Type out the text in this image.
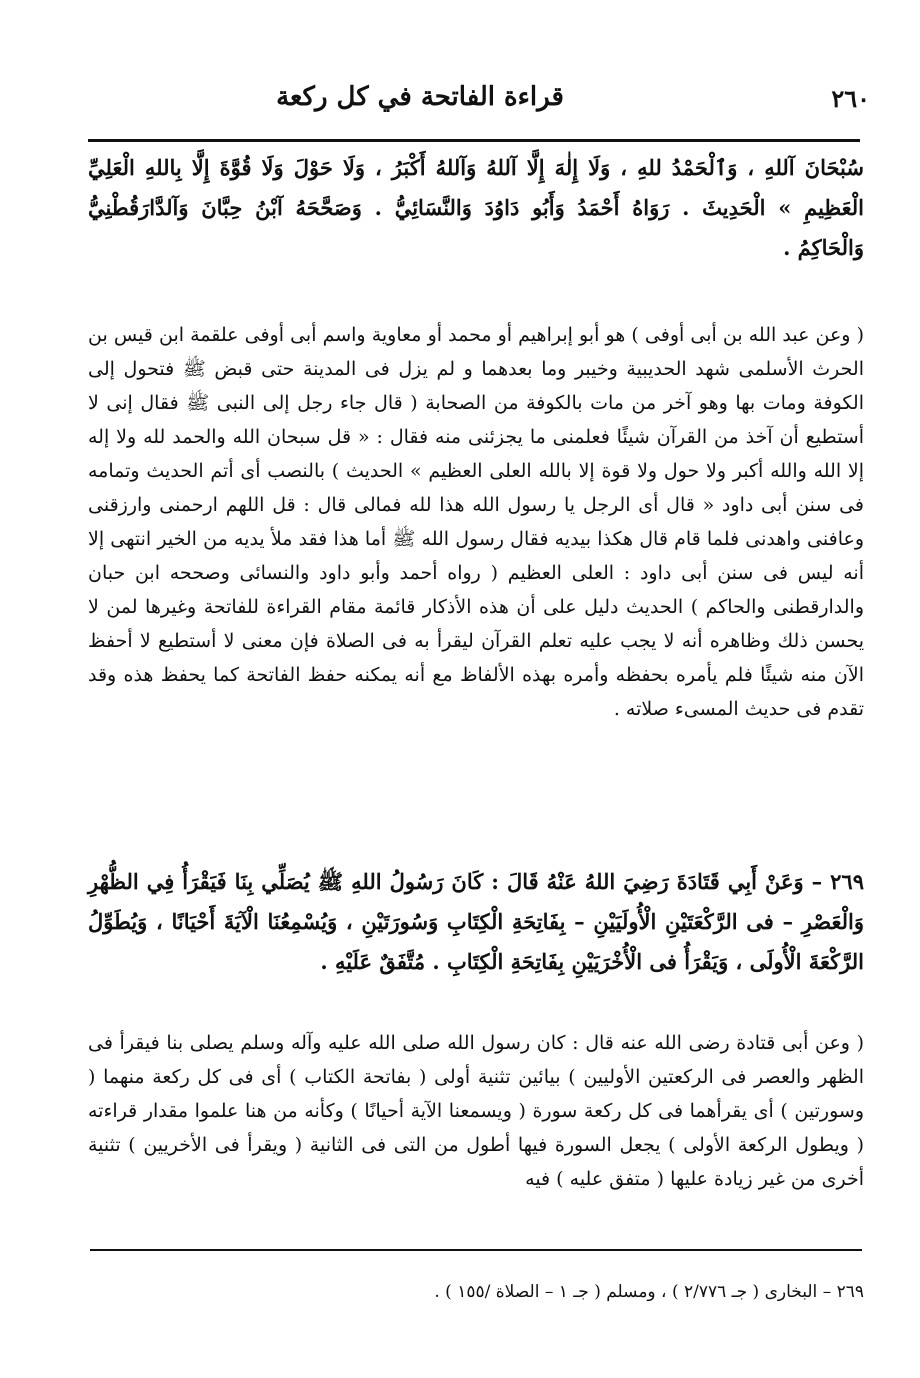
٢٦٠
قراءة الفاتحة في كل ركعة

سُبْحَانَ آللهِ ، وَٱلْحَمْدُ للهِ ، وَلَا إِلٰهَ إِلَّا آللهُ وَآللهُ أَكْبَرُ ، وَلَا حَوْلَ وَلَا قُوَّةَ إِلَّا بِاللهِ الْعَلِيِّ الْعَظِيمِ » الْحَدِيثَ . رَوَاهُ أَحْمَدُ وَأَبُو دَاوُدَ وَالنَّسَائِيُّ . وَصَحَّحَهُ آبْنُ حِبَّانَ وَآلدَّارَقُطْنِيُّ وَالْحَاكِمُ .

( وعن عبد الله بن أبى أوفى ) هو أبو إبراهيم أو محمد أو معاوية واسم أبى أوفى علقمة ابن قيس بن الحرث الأسلمى شهد الحديبية وخيبر وما بعدهما و لم يزل فى المدينة حتى قبض ﷺ فتحول إلى الكوفة ومات بها وهو آخر من مات بالكوفة من الصحابة ( قال جاء رجل إلى النبى ﷺ فقال إنى لا أستطيع أن آخذ من القرآن شيئًا فعلمنى ما يجزئنى منه فقال : « قل سبحان الله والحمد لله ولا إله إلا الله والله أكبر ولا حول ولا قوة إلا بالله العلى العظيم » الحديث ) بالنصب أى أتم الحديث وتمامه فى سنن أبى داود « قال أى الرجل يا رسول الله هذا لله فمالى قال : قل اللهم ارحمنى وارزقنى وعافنى واهدنى فلما قام قال هكذا بيديه فقال رسول الله ﷺ أما هذا فقد ملأ يديه من الخير انتهى إلا أنه ليس فى سنن أبى داود : العلى العظيم ( رواه أحمد وأبو داود والنسائى وصححه ابن حبان والدارقطنى والحاكم ) الحديث دليل على أن هذه الأذكار قائمة مقام القراءة للفاتحة وغيرها لمن لا يحسن ذلك وظاهره أنه لا يجب عليه تعلم القرآن ليقرأ به فى الصلاة فإن معنى لا أستطيع لا أحفظ الآن منه شيئًا فلم يأمره بحفظه وأمره بهذه الألفاظ مع أنه يمكنه حفظ الفاتحة كما يحفظ هذه وقد تقدم فى حديث المسىء صلاته .

٢٦٩ – وَعَنْ أَبِي قَتَادَةَ رَضِيَ اللهُ عَنْهُ قَالَ : كَانَ رَسُولُ اللهِ ﷺ يُصَلِّي بِنَا فَيَقْرَأُ فِي الظُّهْرِ وَالْعَصْرِ – فى الرَّكْعَتَيْنِ الْأُولَيَيْنِ – بِفَاتِحَةِ الْكِتَابِ وَسُورَتَيْنِ ، وَيُسْمِعُنَا الْآيَةَ أَحْيَانًا ، وَيُطَوِّلُ الرَّكْعَةَ الْأُولَى ، وَيَقْرَأُ فى الْأُخْرَيَيْنِ بِفَاتِحَةِ الْكِتَابِ . مُتَّفَقٌ عَلَيْهِ .

( وعن أبى قتادة رضى الله عنه قال : كان رسول الله صلى الله عليه وآله وسلم يصلى بنا فيقرأ فى الظهر والعصر فى الركعتين الأوليين ) بيائين تثنية أولى ( بفاتحة الكتاب ) أى فى كل ركعة منهما ( وسورتين ) أى يقرأهما فى كل ركعة سورة ( ويسمعنا الآية أحيانًا ) وكأنه من هنا علموا مقدار قراءته ( ويطول الركعة الأولى ) يجعل السورة فيها أطول من التى فى الثانية ( ويقرأ فى الأخريين ) تثنية أخرى من غير زيادة عليها ( متفق عليه ) فيه

٢٦٩ – البخارى ( جـ ٢/٧٧٦ ) ، ومسلم ( جـ ١ – الصلاة /١٥٥ ) .
